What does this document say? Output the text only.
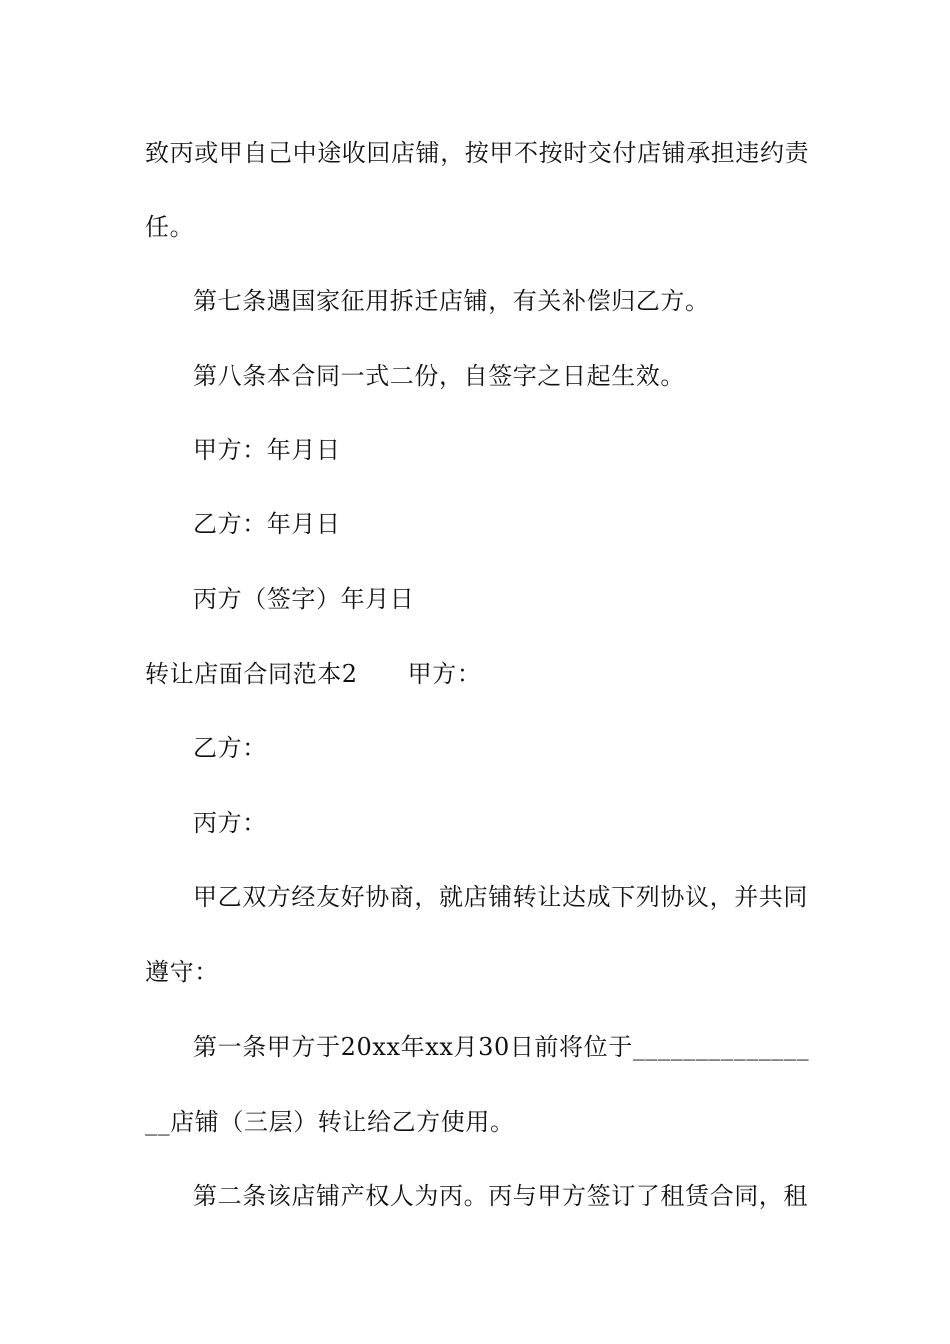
致丙或甲自己中途收回店铺，按甲不按时交付店铺承担违约责
任。
第七条遇国家征用拆迁店铺，有关补偿归乙方。
第八条本合同一式二份，自签字之日起生效。
甲方：年月日
乙方：年月日
丙方（签字）年月日
转让店面合同范本2 甲方：
乙方：
丙方：
甲乙双方经友好协商，就店铺转让达成下列协议，并共同
遵守：
第一条甲方于20xx年xx月30日前将位于______________
__店铺（三层）转让给乙方使用。
第二条该店铺产权人为丙。丙与甲方签订了租赁合同，租
